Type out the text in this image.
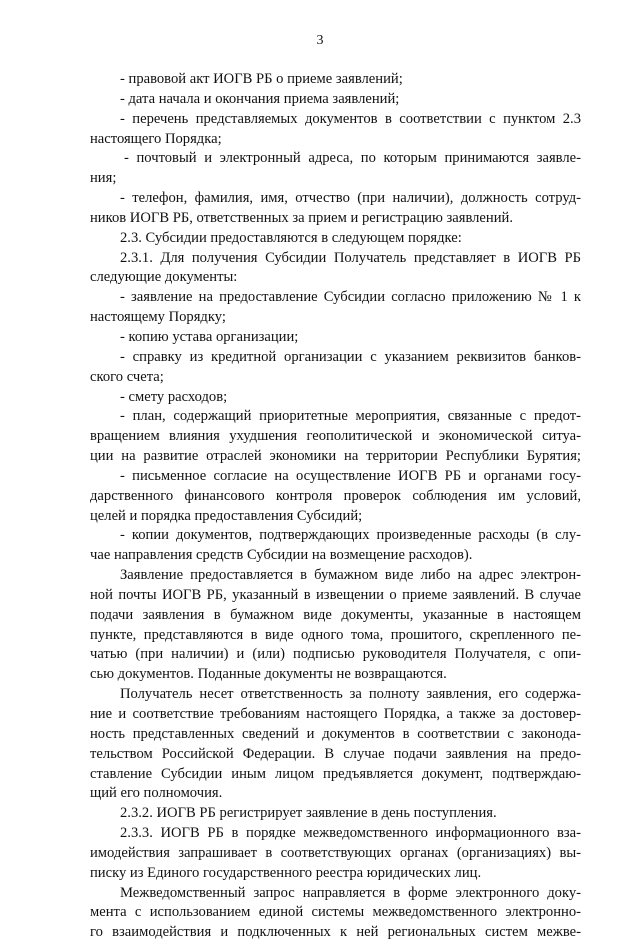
3
- правовой акт ИОГВ РБ о приеме заявлений;
- дата начала и окончания приема заявлений;
- перечень представляемых документов в соответствии с пунктом 2.3
настоящего Порядка;
- почтовый и электронный адреса, по которым принимаются заявле-
ния;
- телефон, фамилия, имя, отчество (при наличии), должность сотруд-
ников ИОГВ РБ, ответственных за прием и регистрацию заявлений.
2.3. Субсидии предоставляются в следующем порядке:
2.3.1. Для получения Субсидии Получатель представляет в ИОГВ РБ
следующие документы:
- заявление на предоставление Субсидии согласно приложению № 1 к
настоящему Порядку;
- копию устава организации;
- справку из кредитной организации с указанием реквизитов банков-
ского счета;
- смету расходов;
- план, содержащий приоритетные мероприятия, связанные с предот-
вращением влияния ухудшения геополитической и экономической ситуа-
ции на развитие отраслей экономики на территории Республики Бурятия;
- письменное согласие на осуществление ИОГВ РБ и органами госу-
дарственного финансового контроля проверок соблюдения им условий,
целей и порядка предоставления Субсидий;
- копии документов, подтверждающих произведенные расходы (в слу-
чае направления средств Субсидии на возмещение расходов).
Заявление предоставляется в бумажном виде либо на адрес электрон-
ной почты ИОГВ РБ, указанный в извещении о приеме заявлений. В случае
подачи заявления в бумажном виде документы, указанные в настоящем
пункте, представляются в виде одного тома, прошитого, скрепленного пе-
чатью (при наличии) и (или) подписью руководителя Получателя, с опи-
сью документов. Поданные документы не возвращаются.
Получатель несет ответственность за полноту заявления, его содержа-
ние и соответствие требованиям настоящего Порядка, а также за достовер-
ность представленных сведений и документов в соответствии с законода-
тельством Российской Федерации. В случае подачи заявления на предо-
ставление Субсидии иным лицом предъявляется документ, подтверждаю-
щий его полномочия.
2.3.2. ИОГВ РБ регистрирует заявление в день поступления.
2.3.3. ИОГВ РБ в порядке межведомственного информационного вза-
имодействия запрашивает в соответствующих органах (организациях) вы-
писку из Единого государственного реестра юридических лиц.
Межведомственный запрос направляется в форме электронного доку-
мента с использованием единой системы межведомственного электронно-
го взаимодействия и подключенных к ней региональных систем межве-
